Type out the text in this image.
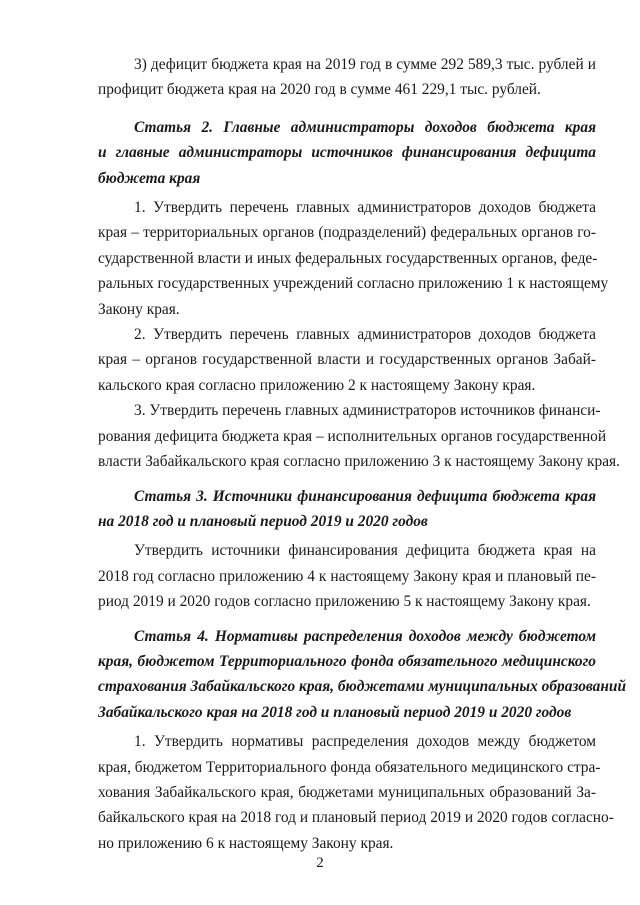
3) дефицит бюджета края на 2019 год в сумме 292 589,3 тыс. рублей и
профицит бюджета края на 2020 год в сумме 461 229,1 тыс. рублей.
Статья 2. Главные администраторы доходов бюджета края
и главные администраторы источников финансирования дефицита
бюджета края
1. Утвердить перечень главных администраторов доходов бюджета
края – территориальных органов (подразделений) федеральных органов го-
сударственной власти и иных федеральных государственных органов, феде-
ральных государственных учреждений согласно приложению 1 к настоящему
Закону края.
2. Утвердить перечень главных администраторов доходов бюджета
края – органов государственной власти и государственных органов Забай-
кальского края согласно приложению 2 к настоящему Закону края.
3. Утвердить перечень главных администраторов источников финанси-
рования дефицита бюджета края – исполнительных органов государственной
власти Забайкальского края согласно приложению 3 к настоящему Закону края.
Статья 3. Источники финансирования дефицита бюджета края
на 2018 год и плановый период 2019 и 2020 годов
Утвердить источники финансирования дефицита бюджета края на
2018 год согласно приложению 4 к настоящему Закону края и плановый пе-
риод 2019 и 2020 годов согласно приложению 5 к настоящему Закону края.
Статья 4. Нормативы распределения доходов между бюджетом
края, бюджетом Территориального фонда обязательного медицинского
страхования Забайкальского края, бюджетами муниципальных образований
Забайкальского края на 2018 год и плановый период 2019 и 2020 годов
1. Утвердить нормативы распределения доходов между бюджетом
края, бюджетом Территориального фонда обязательного медицинского стра-
хования Забайкальского края, бюджетами муниципальных образований За-
байкальского края на 2018 год и плановый период 2019 и 2020 годов согласно-
но приложению 6 к настоящему Закону края.
2
